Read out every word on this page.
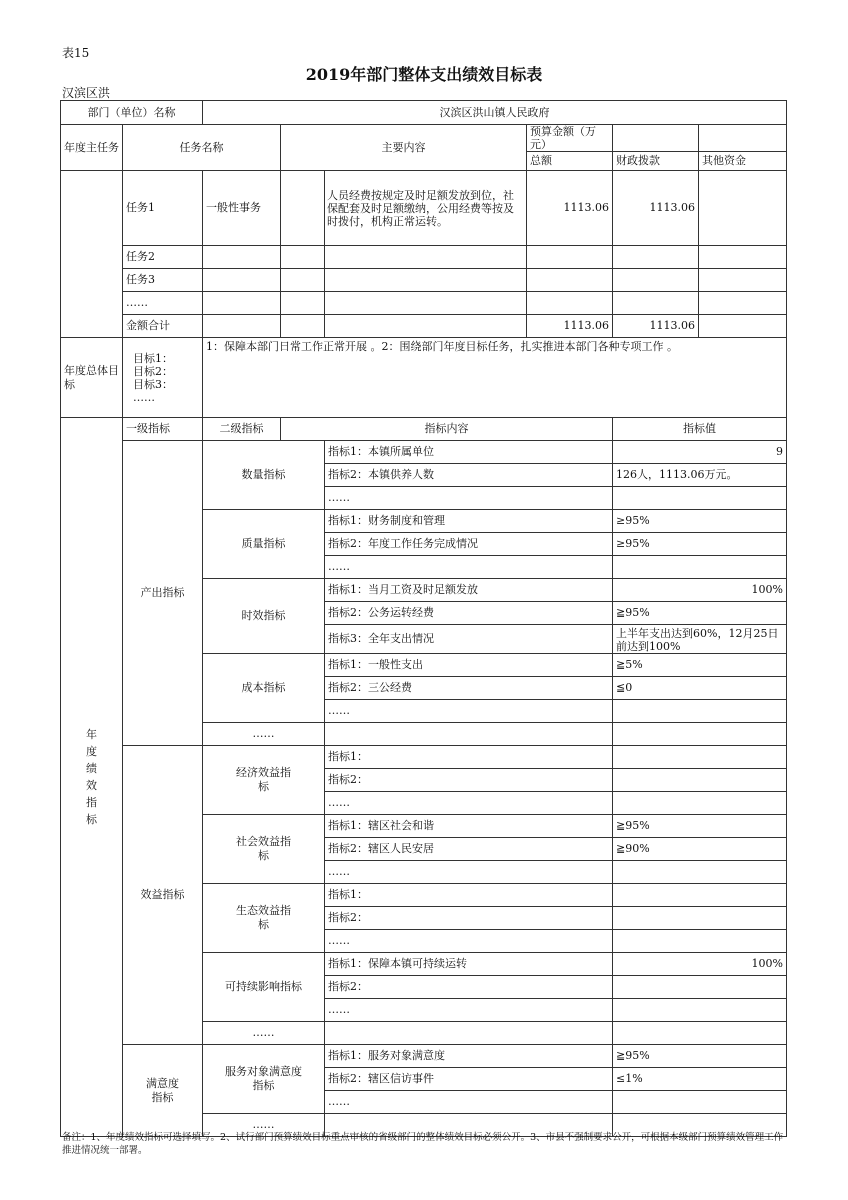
表15
2019年部门整体支出绩效目标表
汉滨区洪
部门（单位）名称		汉滨区洪山镇人民政府					
年度主任务	任务名称		主要内容		预算金额（万元）		
					总额	财政拨款	其他资金
	任务1	一般性事务		人员经费按规定及时足额发放到位，社保配套及时足额缴纳，公用经费等按及时拨付，机构正常运转。	1113.06	1113.06	
	任务2						
	任务3						
	……						
	金额合计				1113.06	1113.06	
年度总体目标	目标1：
目标2：
目标3：
……	1：保障本部门日常工作正常开展 。2：围绕部门年度目标任务，扎实推进本部门各种专项工作 。					
年度绩效指标	一级指标	二级指标	指标内容			指标值	
	产出指标	数量指标		指标1：本镇所属单位		9	
				指标2：本镇供养人数		126人，1113.06万元。	
				……			
		质量指标		指标1：财务制度和管理		≥95%	
				指标2：年度工作任务完成情况		≥95%	
				……			
		时效指标		指标1：当月工资及时足额发放		100%	
				指标2：公务运转经费		≧95%	
				指标3：全年支出情况		上半年支出达到60%，12月25日前达到100%	
		成本指标		指标1：一般性支出		≧5%	
				指标2：三公经费		≦0	
				……			
		……					
	效益指标	经济效益指标		指标1：			
				指标2：			
				……			
		社会效益指标		指标1：辖区社会和谐		≧95%	
				指标2：辖区人民安居		≧90%	
				……			
		生态效益指标		指标1：			
				指标2：			
				……			
		可持续影响指标		指标1：保障本镇可持续运转		100%	
				指标2：			
				……			
		……					
	满意度指标	服务对象满意度指标		指标1：服务对象满意度		≧95%	
				指标2：辖区信访事件		≤1%	
				……			
		……					
备注：1、年度绩效指标可选择填写。2、试行部门预算绩效目标重点审核的省级部门的整体绩效目标必须公开。3、市县不强制要求公开，可根据本级部门预算绩效管理工作推进情况统一部署。
